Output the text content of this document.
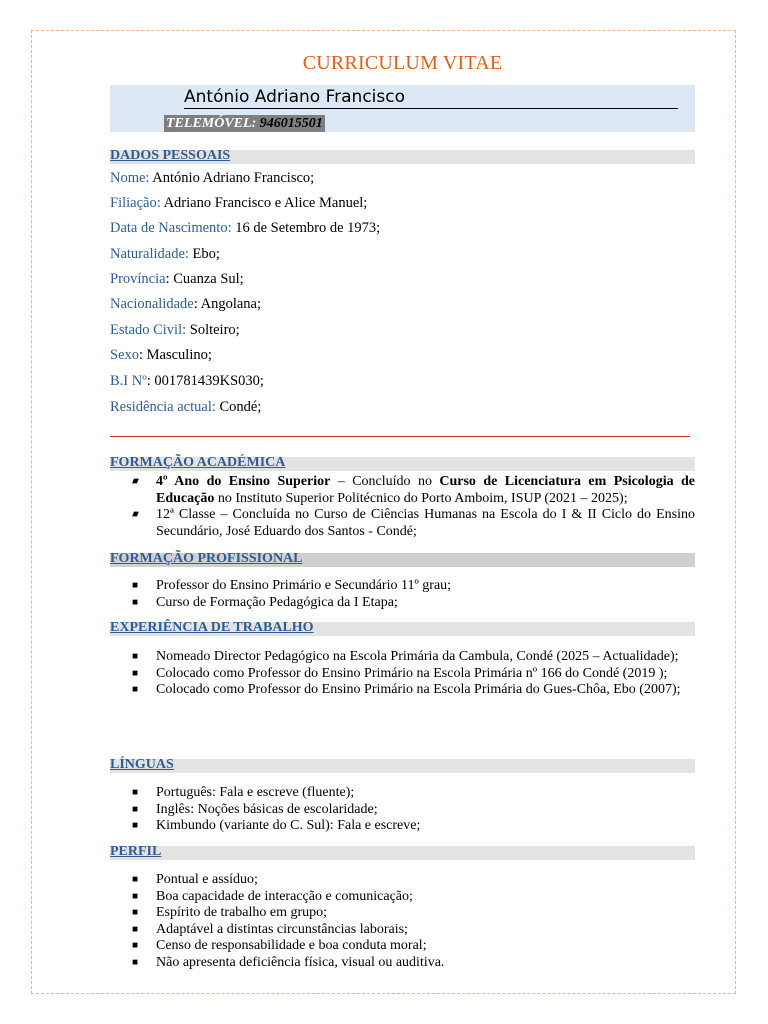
CURRICULUM VITAE
António Adriano Francisco
TELEMÓVEL: 946015501
DADOS PESSOAIS
Nome: António Adriano Francisco;
Filiação: Adriano Francisco e Alice Manuel;
Data de Nascimento: 16 de Setembro de 1973;
Naturalidade: Ebo;
Província: Cuanza Sul;
Nacionalidade: Angolana;
Estado Civil: Solteiro;
Sexo: Masculino;
B.I Nº: 001781439KS030;
Residência actual: Condé;
FORMAÇÃO ACADÉMICA
■ 4º Ano do Ensino Superior – Concluído no Curso de Licenciatura em Psicologia de Educação no Instituto Superior Politécnico do Porto Amboim, ISUP (2021 – 2025);
■ 12ª Classe – Concluída no Curso de Ciências Humanas na Escola do I & II Ciclo do Ensino Secundário, José Eduardo dos Santos - Condé;
FORMAÇÃO PROFISSIONAL
■ Professor do Ensino Primário e Secundário 11º grau;
■ Curso de Formação Pedagógica da I Etapa;
EXPERIÊNCIA DE TRABALHO
■ Nomeado Director Pedagógico na Escola Primária da Cambula, Condé (2025 – Actualidade);
■ Colocado como Professor do Ensino Primário na Escola Primária nº 166 do Condé (2019 );
■ Colocado como Professor do Ensino Primário na Escola Primária do Gues-Chôa, Ebo (2007);
LÍNGUAS
■ Português: Fala e escreve (fluente);
■ Inglês: Noções básicas de escolaridade;
■ Kimbundo (variante do C. Sul): Fala e escreve;
PERFIL
■ Pontual e assíduo;
■ Boa capacidade de interacção e comunicação;
■ Espírito de trabalho em grupo;
■ Adaptável a distintas circunstâncias laborais;
■ Censo de responsabilidade e boa conduta moral;
■ Não apresenta deficiência física, visual ou auditiva.
